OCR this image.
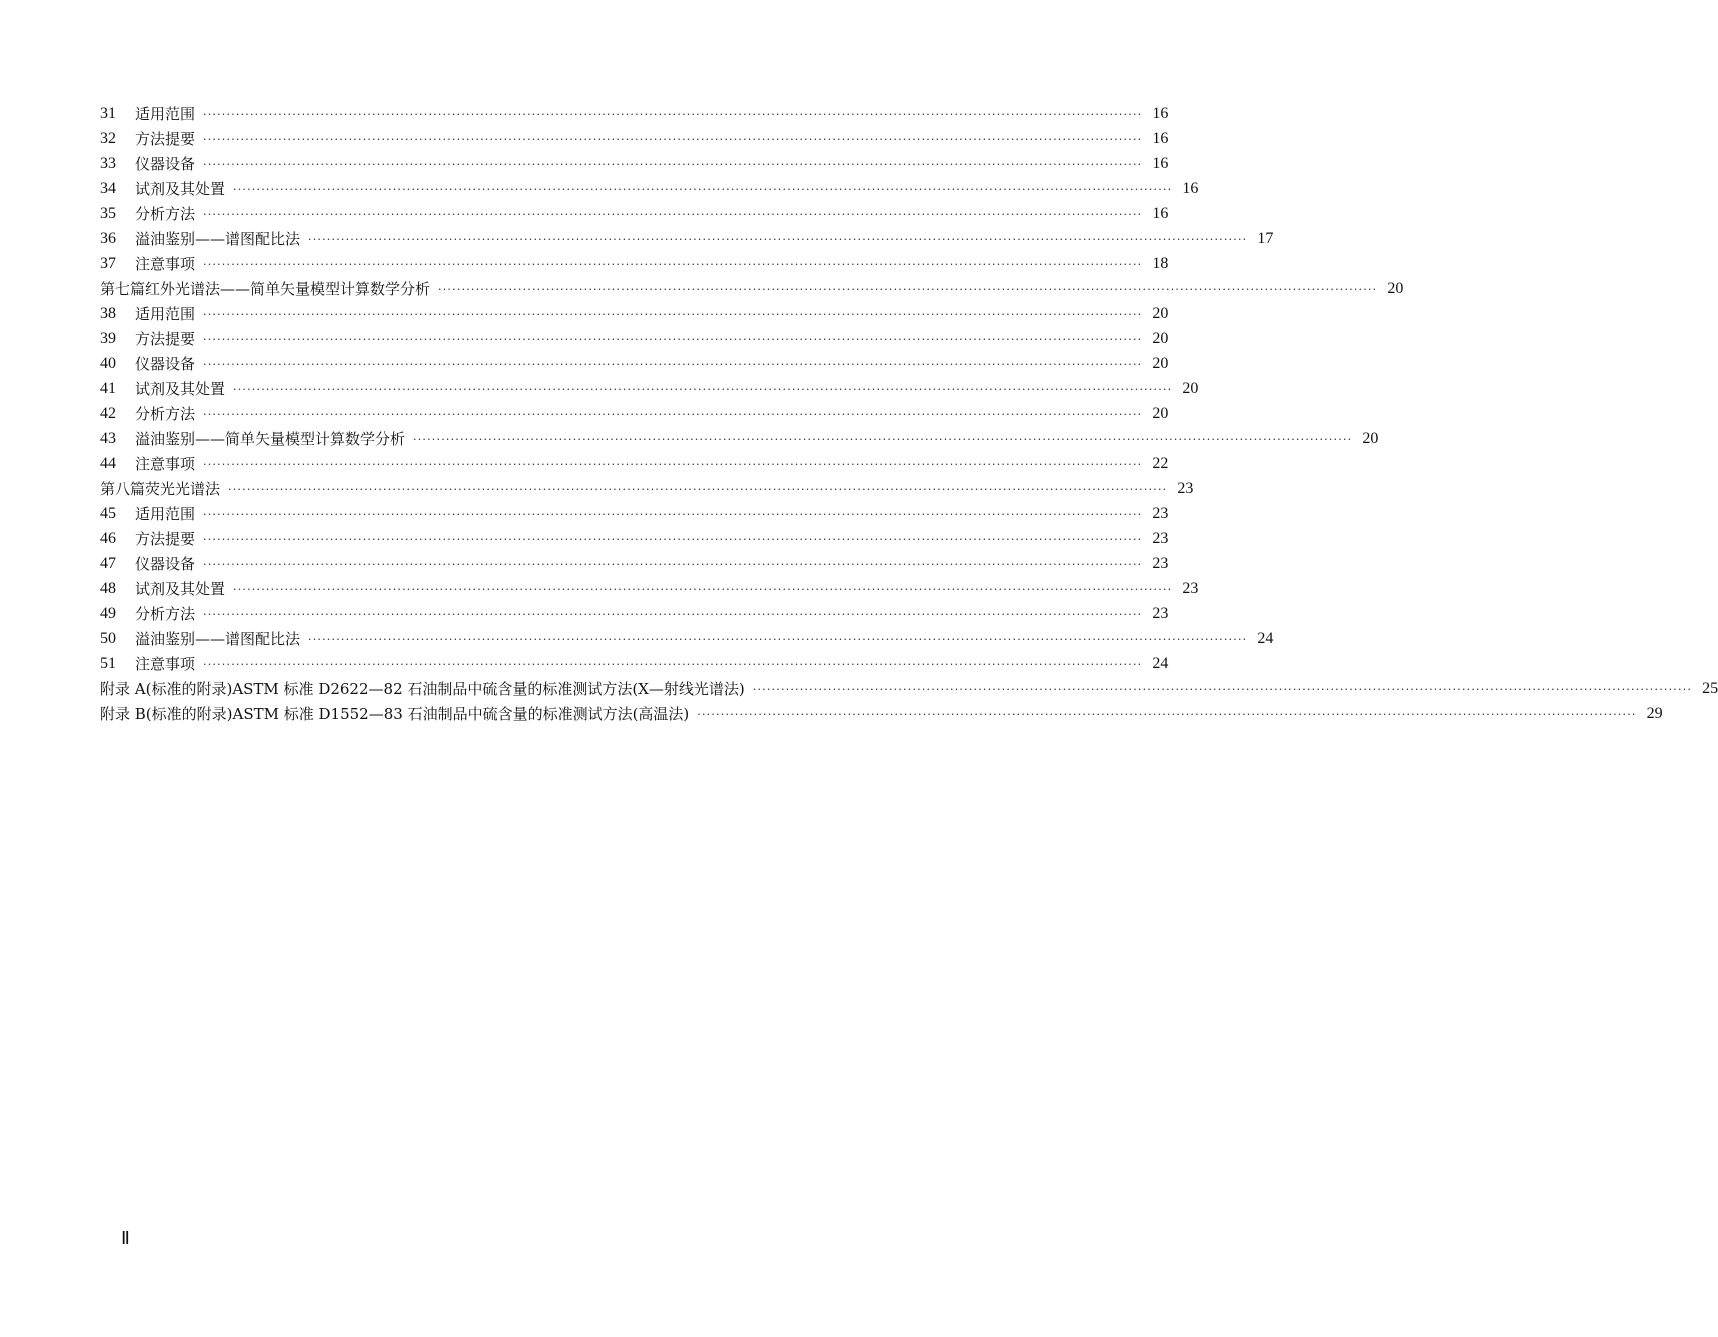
31	适用范围 ········································································································································································································ 16
32	方法提要 ········································································································································································································ 16
33	仪器设备 ········································································································································································································ 16
34	试剂及其处置 ········································································································································································································ 16
35	分析方法 ········································································································································································································ 16
36	溢油鉴别——谱图配比法 ········································································································································································································ 17
37	注意事项 ········································································································································································································ 18
第七篇 红外光谱法——简单矢量模型计算数学分析 ········································································································································································································ 20
38	适用范围 ········································································································································································································ 20
39	方法提要 ········································································································································································································ 20
40	仪器设备 ········································································································································································································ 20
41	试剂及其处置 ········································································································································································································ 20
42	分析方法 ········································································································································································································ 20
43	溢油鉴别——简单矢量模型计算数学分析 ········································································································································································································ 20
44	注意事项 ········································································································································································································ 22
第八篇 荧光光谱法 ········································································································································································································ 23
45	适用范围 ········································································································································································································ 23
46	方法提要 ········································································································································································································ 23
47	仪器设备 ········································································································································································································ 23
48	试剂及其处置 ········································································································································································································ 23
49	分析方法 ········································································································································································································ 23
50	溢油鉴别——谱图配比法 ········································································································································································································ 24
51	注意事项 ········································································································································································································ 24
附录 A(标准的附录) ASTM 标准 D2622—82 石油制品中硫含量的标准测试方法(X—射线光谱法) ········································································································································································································ 25
附录 B(标准的附录) ASTM 标准 D1552—83 石油制品中硫含量的标准测试方法(高温法) ········································································································································································································ 29
Ⅱ
